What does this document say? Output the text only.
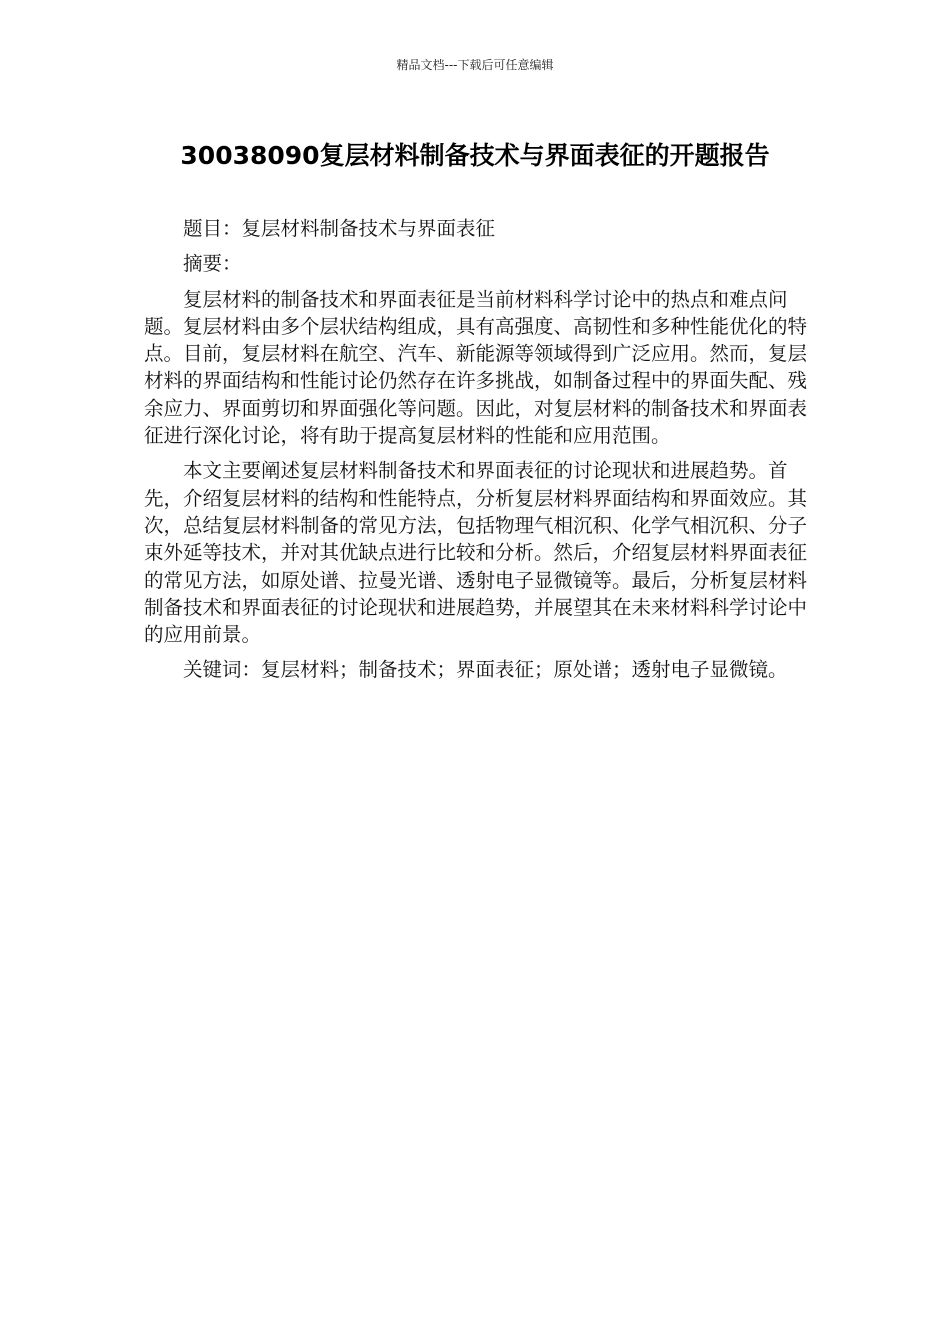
精品文档---下载后可任意编辑
30038090复层材料制备技术与界面表征的开题报告

题目：复层材料制备技术与界面表征

摘要：

复层材料的制备技术和界面表征是当前材料科学讨论中的热点和难点问题。复层材料由多个层状结构组成，具有高强度、高韧性和多种性能优化的特点。目前，复层材料在航空、汽车、新能源等领域得到广泛应用。然而，复层材料的界面结构和性能讨论仍然存在许多挑战，如制备过程中的界面失配、残余应力、界面剪切和界面强化等问题。因此，对复层材料的制备技术和界面表征进行深化讨论，将有助于提高复层材料的性能和应用范围。

本文主要阐述复层材料制备技术和界面表征的讨论现状和进展趋势。首先，介绍复层材料的结构和性能特点，分析复层材料界面结构和界面效应。其次，总结复层材料制备的常见方法，包括物理气相沉积、化学气相沉积、分子束外延等技术，并对其优缺点进行比较和分析。然后，介绍复层材料界面表征的常见方法，如原处谱、拉曼光谱、透射电子显微镜等。最后，分析复层材料制备技术和界面表征的讨论现状和进展趋势，并展望其在未来材料科学讨论中的应用前景。

关键词：复层材料；制备技术；界面表征；原处谱；透射电子显微镜。
